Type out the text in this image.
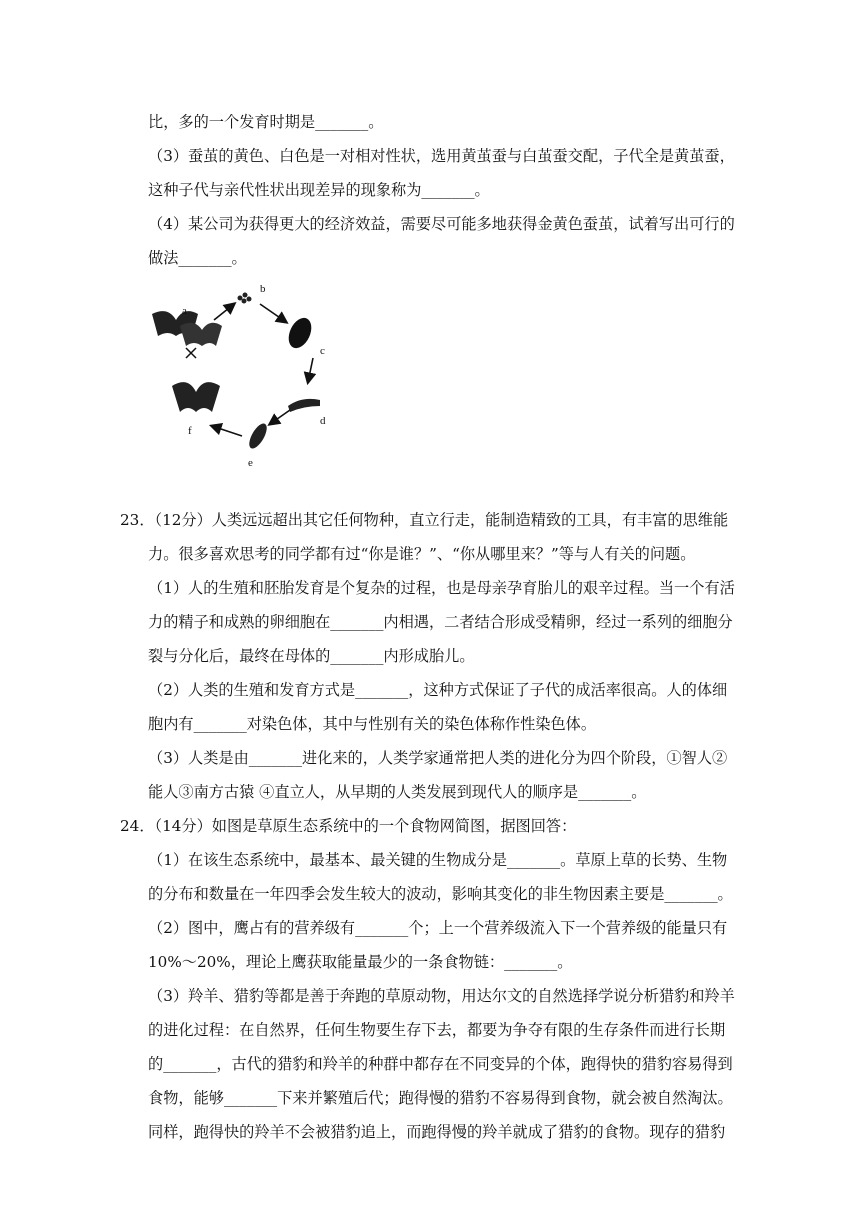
比，多的一个发育时期是_______。
（3）蚕茧的黄色、白色是一对相对性状，选用黄茧蚕与白茧蚕交配，子代全是黄茧蚕，
这种子代与亲代性状出现差异的现象称为_______。
（4）某公司为获得更大的经济效益，需要尽可能多地获得金黄色蚕茧，试着写出可行的
做法_______。
a
b
c
d
e
f
23．（12分）人类远远超出其它任何物种，直立行走，能制造精致的工具，有丰富的思维能
力。很多喜欢思考的同学都有过“你是谁？”、“你从哪里来？”等与人有关的问题。
（1）人的生殖和胚胎发育是个复杂的过程，也是母亲孕育胎儿的艰辛过程。当一个有活
力的精子和成熟的卵细胞在_______内相遇，二者结合形成受精卵，经过一系列的细胞分
裂与分化后，最终在母体的_______内形成胎儿。
（2）人类的生殖和发育方式是_______，这种方式保证了子代的成活率很高。人的体细
胞内有_______对染色体，其中与性别有关的染色体称作性染色体。
（3）人类是由_______进化来的，人类学家通常把人类的进化分为四个阶段，①智人②
能人③南方古猿 ④直立人，从早期的人类发展到现代人的顺序是_______。
24．（14分）如图是草原生态系统中的一个食物网简图，据图回答：
（1）在该生态系统中，最基本、最关键的生物成分是_______。草原上草的长势、生物
的分布和数量在一年四季会发生较大的波动，影响其变化的非生物因素主要是_______。
（2）图中，鹰占有的营养级有_______个；上一个营养级流入下一个营养级的能量只有
10%～20%，理论上鹰获取能量最少的一条食物链：_______。
（3）羚羊、猎豹等都是善于奔跑的草原动物，用达尔文的自然选择学说分析猎豹和羚羊
的进化过程：在自然界，任何生物要生存下去，都要为争夺有限的生存条件而进行长期
的_______，古代的猎豹和羚羊的种群中都存在不同变异的个体，跑得快的猎豹容易得到
食物，能够_______下来并繁殖后代；跑得慢的猎豹不容易得到食物，就会被自然淘汰。
同样，跑得快的羚羊不会被猎豹追上，而跑得慢的羚羊就成了猎豹的食物。现存的猎豹
